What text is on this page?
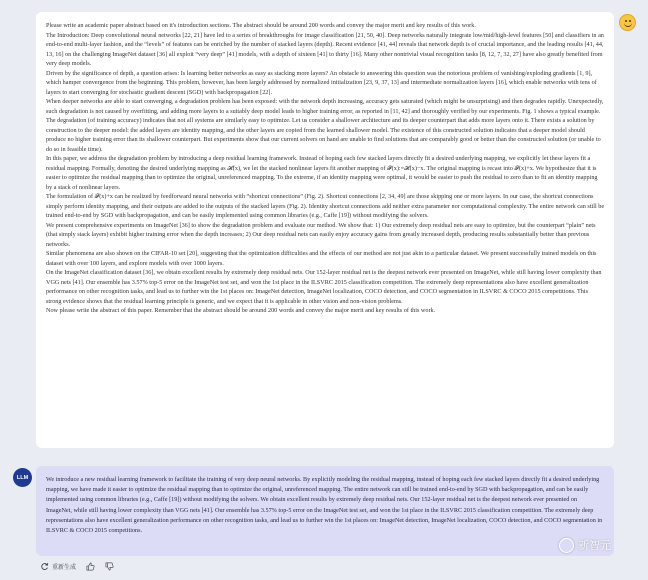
Please write an academic paper abstract based on it's introduction sections. The abstract should be around 200 words and convey the major merit and key results of this work.

The Introduction: Deep convolutional neural networks [22, 21] have led to a series of breakthroughs for image classification [21, 50, 40]. Deep networks naturally integrate low/mid/high-level features [50] and classifiers in an end-to-end multi-layer fashion, and the “levels” of features can be enriched by the number of stacked layers (depth). Recent evidence [41, 44] reveals that network depth is of crucial importance, and the leading results [41, 44, 13, 16] on the challenging ImageNet dataset [36] all exploit “very deep” [41] models, with a depth of sixteen [41] to thirty [16]. Many other nontrivial visual recognition tasks [8, 12, 7, 32, 27] have also greatly benefited from very deep models.

Driven by the significance of depth, a question arises: Is learning better networks as easy as stacking more layers? An obstacle to answering this question was the notorious problem of vanishing/exploding gradients [1, 9], which hamper convergence from the beginning. This problem, however, has been largely addressed by normalized initialization [23, 9, 37, 13] and intermediate normalization layers [16], which enable networks with tens of layers to start converging for stochastic gradient descent (SGD) with backpropagation [22].

When deeper networks are able to start converging, a degradation problem has been exposed: with the network depth increasing, accuracy gets saturated (which might be unsurprising) and then degrades rapidly. Unexpectedly, such degradation is not caused by overfitting, and adding more layers to a suitably deep model leads to higher training error, as reported in [11, 42] and thoroughly verified by our experiments. Fig. 1 shows a typical example.

The degradation (of training accuracy) indicates that not all systems are similarly easy to optimize. Let us consider a shallower architecture and its deeper counterpart that adds more layers onto it. There exists a solution by construction to the deeper model: the added layers are identity mapping, and the other layers are copied from the learned shallower model. The existence of this constructed solution indicates that a deeper model should produce no higher training error than its shallower counterpart. But experiments show that our current solvers on hand are unable to find solutions that are comparably good or better than the constructed solution (or unable to do so in feasible time).

In this paper, we address the degradation problem by introducing a deep residual learning framework. Instead of hoping each few stacked layers directly fit a desired underlying mapping, we explicitly let these layers fit a residual mapping. Formally, denoting the desired underlying mapping as 𝓗(x), we let the stacked nonlinear layers fit another mapping of 𝓕(x):=𝓗(x)−x. The original mapping is recast into 𝓕(x)+x. We hypothesize that it is easier to optimize the residual mapping than to optimize the original, unreferenced mapping. To the extreme, if an identity mapping were optimal, it would be easier to push the residual to zero than to fit an identity mapping by a stack of nonlinear layers.

The formulation of 𝓕(x)+x can be realized by feedforward neural networks with “shortcut connections” (Fig. 2). Shortcut connections [2, 34, 49] are those skipping one or more layers. In our case, the shortcut connections simply perform identity mapping, and their outputs are added to the outputs of the stacked layers (Fig. 2). Identity shortcut connections add neither extra parameter nor computational complexity. The entire network can still be trained end-to-end by SGD with backpropagation, and can be easily implemented using common libraries (e.g., Caffe [19]) without modifying the solvers.

We present comprehensive experiments on ImageNet [36] to show the degradation problem and evaluate our method. We show that: 1) Our extremely deep residual nets are easy to optimize, but the counterpart “plain” nets (that simply stack layers) exhibit higher training error when the depth increases; 2) Our deep residual nets can easily enjoy accuracy gains from greatly increased depth, producing results substantially better than previous networks.

Similar phenomena are also shown on the CIFAR-10 set [20], suggesting that the optimization difficulties and the effects of our method are not just akin to a particular dataset. We present successfully trained models on this dataset with over 100 layers, and explore models with over 1000 layers.

On the ImageNet classification dataset [36], we obtain excellent results by extremely deep residual nets. Our 152-layer residual net is the deepest network ever presented on ImageNet, while still having lower complexity than VGG nets [41]. Our ensemble has 3.57% top-5 error on the ImageNet test set, and won the 1st place in the ILSVRC 2015 classification competition. The extremely deep representations also have excellent generalization performance on other recognition tasks, and lead us to further win the 1st places on: ImageNet detection, ImageNet localization, COCO detection, and COCO segmentation in ILSVRC & COCO 2015 competitions. This strong evidence shows that the residual learning principle is generic, and we expect that it is applicable in other vision and non-vision problems.

Now please write the abstract of this paper. Remember that the abstract should be around 200 words and convey the major merit and key results of this work.

LLM	We introduce a new residual learning framework to facilitate the training of very deep neural networks. By explicitly modeling the residual mapping, instead of hoping each few stacked layers directly fit a desired underlying mapping, we have made it easier to optimize the residual mapping than to optimize the original, unreferenced mapping. The entire network can still be trained end-to-end by SGD with backpropagation, and can be easily implemented using common libraries (e.g., Caffe [19]) without modifying the solvers. We obtain excellent results by extremely deep residual nets. Our 152-layer residual net is the deepest network ever presented on ImageNet, while still having lower complexity than VGG nets [41]. Our ensemble has 3.57% top-5 error on the ImageNet test set, and won the 1st place in the ILSVRC 2015 classification competition. The extremely deep representations also have excellent generalization performance on other recognition tasks, and lead us to further win the 1st places on: ImageNet detection, ImageNet localization, COCO detection, and COCO segmentation in ILSVRC & COCO 2015 competitions.

重新生成
新智元
